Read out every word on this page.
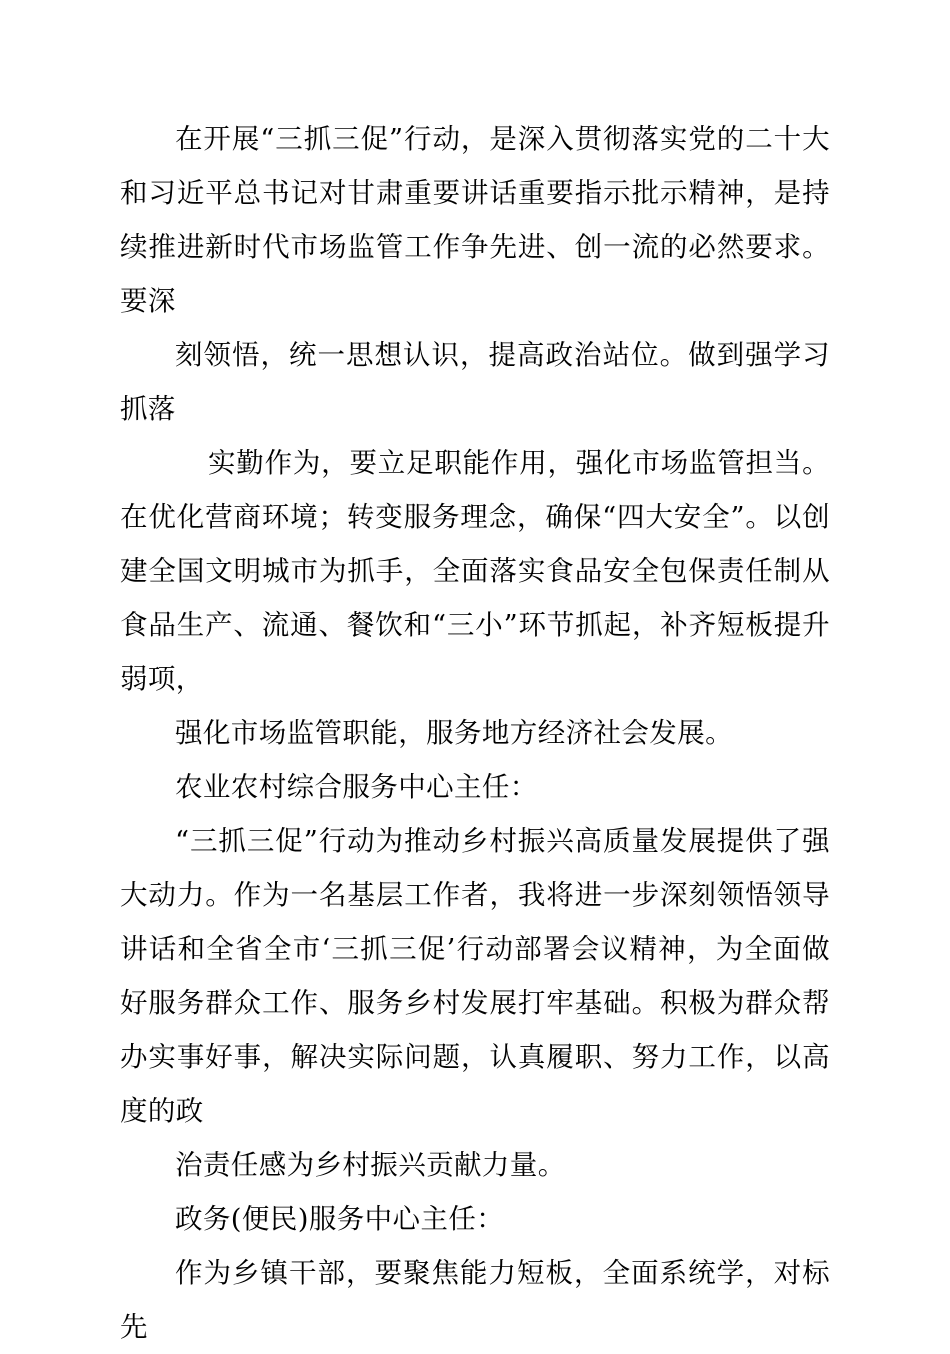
在开展“三抓三促”行动，是深入贯彻落实党的二十大和习近平总书记对甘肃重要讲话重要指示批示精神，是持续推进新时代市场监管工作争先进、创一流的必然要求。要深

刻领悟，统一思想认识，提高政治站位。做到强学习抓落

实勤作为，要立足职能作用，强化市场监管担当。在优化营商环境；转变服务理念，确保“四大安全”。以创建全国文明城市为抓手，全面落实食品安全包保责任制从食品生产、流通、餐饮和“三小”环节抓起，补齐短板提升弱项，

强化市场监管职能，服务地方经济社会发展。

农业农村综合服务中心主任：

“三抓三促”行动为推动乡村振兴高质量发展提供了强大动力。作为一名基层工作者，我将进一步深刻领悟领导讲话和全省全市‘三抓三促’行动部署会议精神，为全面做好服务群众工作、服务乡村发展打牢基础。积极为群众帮办实事好事，解决实际问题，认真履职、努力工作，以高度的政

治责任感为乡村振兴贡献力量。

政务(便民)服务中心主任：

作为乡镇干部，要聚焦能力短板，全面系统学，对标先
